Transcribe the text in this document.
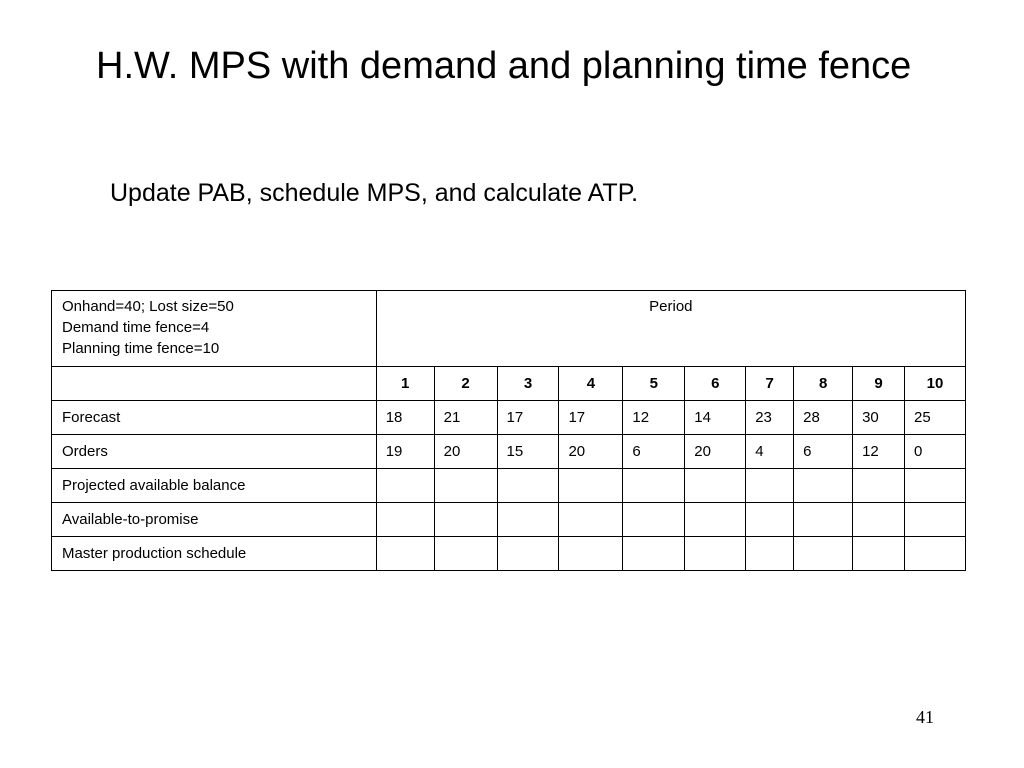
H.W. MPS with demand and planning time fence
Update PAB, schedule MPS, and calculate ATP.
Onhand=40; Lost size=50
Demand time fence=4
Planning time fence=10	Period									
	1	2	3	4	5	6	7	8	9	10
Forecast	18	21	17	17	12	14	23	28	30	25
Orders	19	20	15	20	6	20	4	6	12	0
Projected available balance										
Available-to-promise										
Master production schedule										
41
